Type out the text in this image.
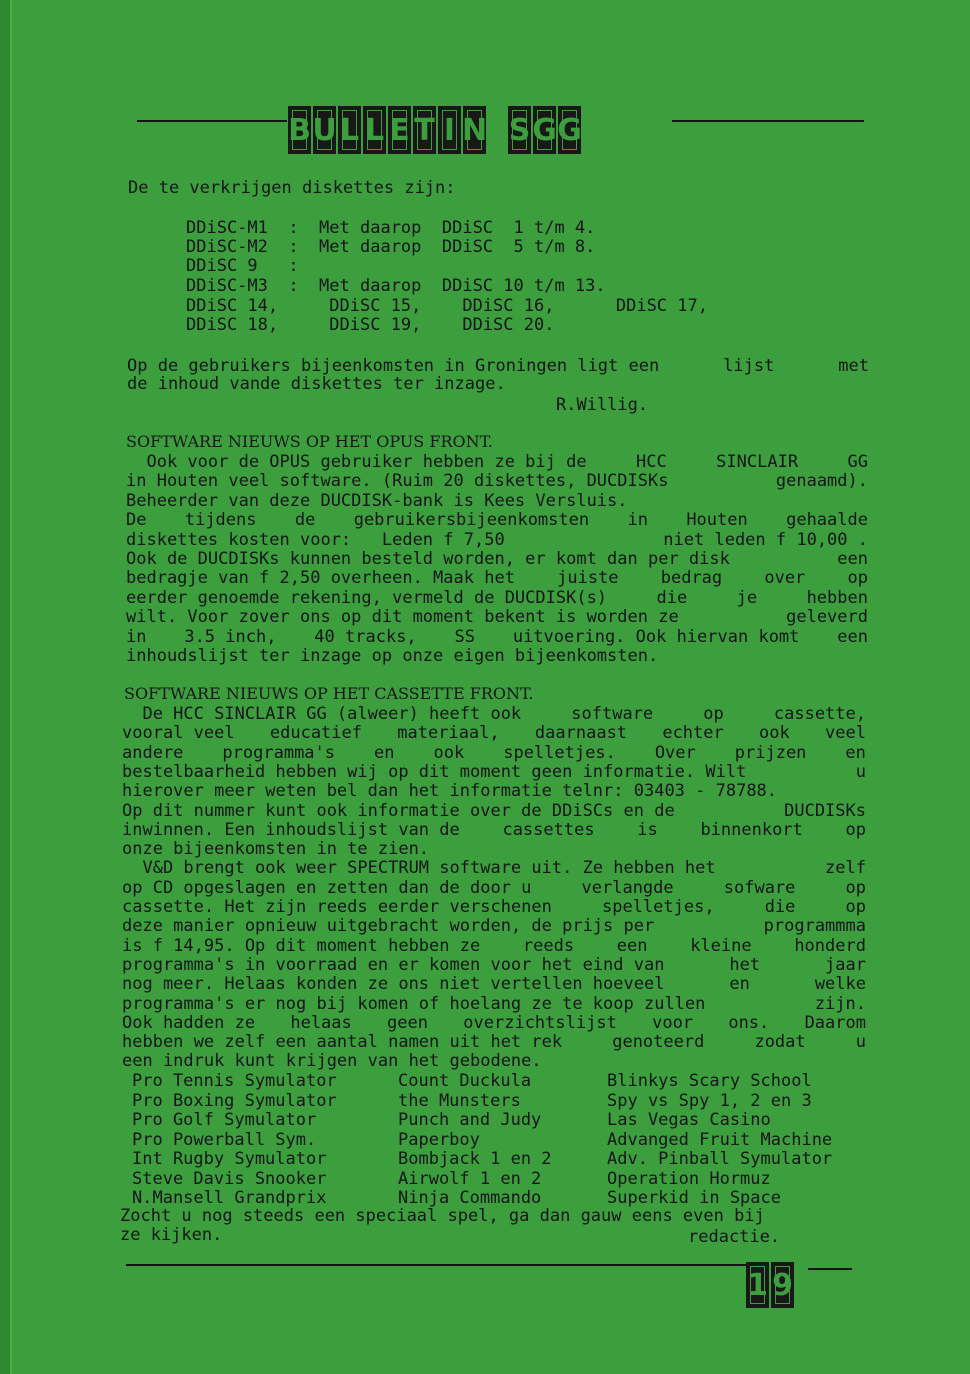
B U L L E T I N S G G
De te verkrijgen diskettes zijn:
DDiSC-M1  :  Met daarop  DDiSC  1 t/m 4.
DDiSC-M2  :  Met daarop  DDiSC  5 t/m 8.
DDiSC 9   :
DDiSC-M3  :  Met daarop  DDiSC 10 t/m 13.
DDiSC 14,     DDiSC 15,    DDiSC 16,      DDiSC 17,
DDiSC 18,     DDiSC 19,    DDiSC 20.
Op de gebruikers bijeenkomsten in Groningen ligt een	lijst	met
de inhoud vande diskettes ter inzage.
R.Willig.
SOFTWARE NIEUWS OP HET OPUS FRONT.
Ook voor de OPUS gebruiker hebben ze bij de	HCC	SINCLAIR	GG
in Houten veel software. (Ruim 20 diskettes, DUCDISKs	genaamd).
Beheerder van deze DUCDISK-bank is Kees Versluis.
De tijdens de gebruikersbijeenkomsten in Houten gehaalde
diskettes kosten voor:   Leden f 7,50	niet leden f 10,00 .
Ook de DUCDISKs kunnen besteld worden, er komt dan per disk	een
bedragje van f 2,50 overheen. Maak het juiste bedrag over op
eerder genoemde rekening, vermeld de DUCDISK(s)	die	je	hebben
wilt. Voor zover ons op dit moment bekent is worden ze	geleverd
in 3.5 inch, 40 tracks, SS uitvoering. Ook hiervan komt een
inhoudslijst ter inzage op onze eigen bijeenkomsten.
SOFTWARE NIEUWS OP HET CASSETTE FRONT.
De HCC SINCLAIR GG (alweer) heeft ook	software	op	cassette,
vooral veel educatief materiaal, daarnaast echter ook veel
andere programma's en ook spelletjes. Over prijzen en
bestelbaarheid hebben wij op dit moment geen informatie. Wilt	u
hierover meer weten bel dan het informatie telnr: 03403 - 78788.
Op dit nummer kunt ook informatie over de DDiSCs en de	DUCDISKs
inwinnen. Een inhoudslijst van de	cassettes	is	binnenkort	op
onze bijeenkomsten in te zien.
V&D brengt ook weer SPECTRUM software uit. Ze hebben het	zelf
op CD opgeslagen en zetten dan de door u	verlangde	sofware	op
cassette. Het zijn reeds eerder verschenen	spelletjes,	die	op
deze manier opnieuw uitgebracht worden, de prijs per	programmma
is f 14,95. Op dit moment hebben ze	reeds	een	kleine	honderd
programma's in voorraad en er komen voor het eind van	het	jaar
nog meer. Helaas konden ze ons niet vertellen hoeveel	en	welke
programma's er nog bij komen of hoelang ze te koop zullen	zijn.
Ook hadden ze helaas geen overzichtslijst voor ons. Daarom
hebben we zelf een aantal namen uit het rek	genoteerd	zodat	u
een indruk kunt krijgen van het gebodene.
Pro Tennis Symulator	Count Duckula	Blinkys Scary School
Pro Boxing Symulator	the Munsters	Spy vs Spy 1, 2 en 3
Pro Golf Symulator	Punch and Judy	Las Vegas Casino
Pro Powerball Sym.	Paperboy	Advanged Fruit Machine
Int Rugby Symulator	Bombjack 1 en 2	Adv. Pinball Symulator
Steve Davis Snooker	Airwolf 1 en 2	Operation Hormuz
N.Mansell Grandprix	Ninja Commando	Superkid in Space
Zocht u nog steeds een speciaal spel, ga dan gauw eens even bij
ze kijken.	redactie.
1 9
